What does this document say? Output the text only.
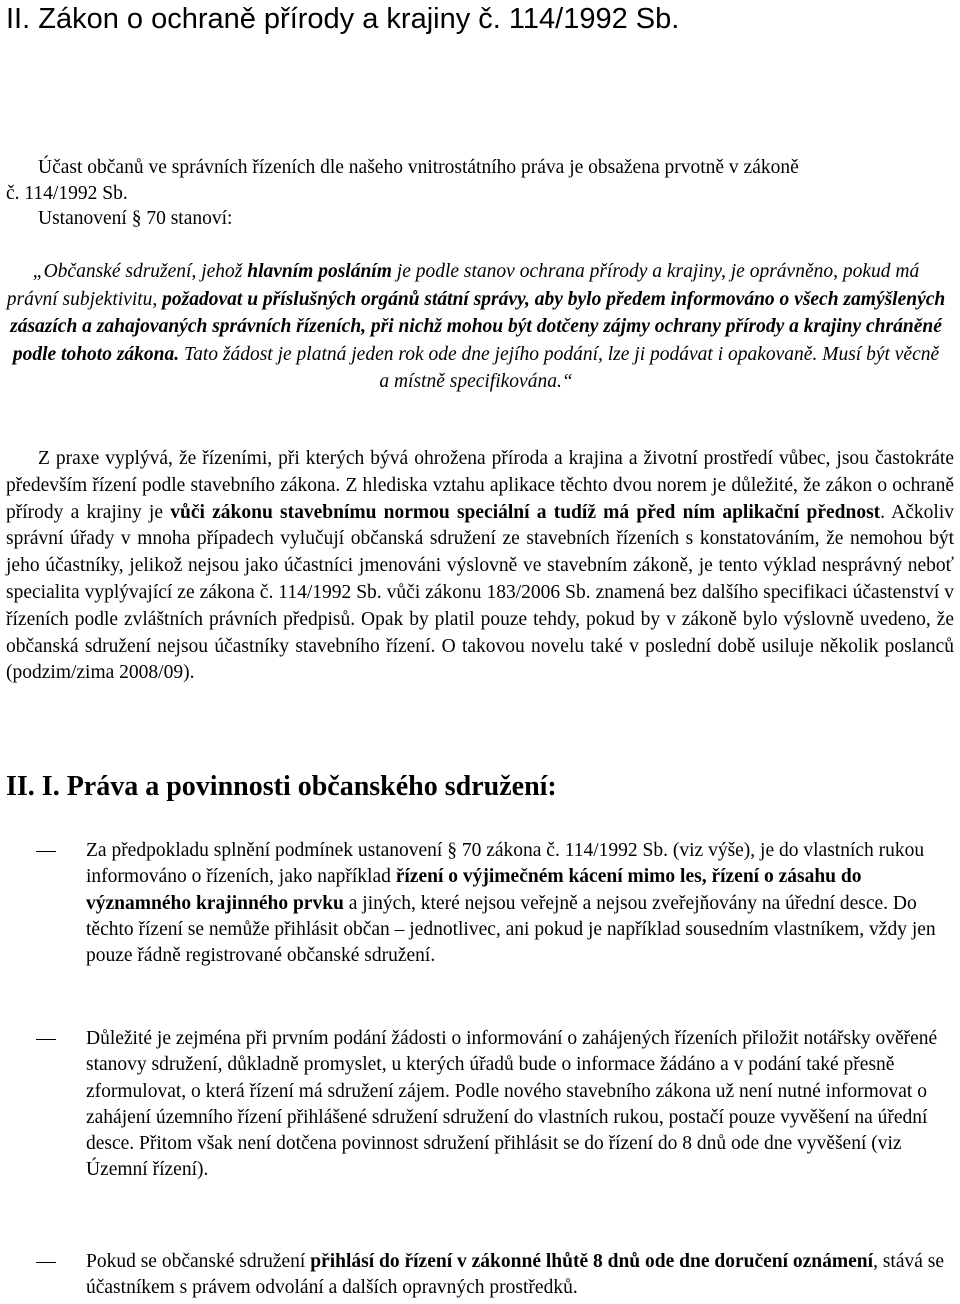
II. Zákon o ochraně přírody a krajiny č. 114/1992 Sb.
Účast občanů ve správních řízeních dle našeho vnitrostátního práva je obsažena prvotně v zákoně
č. 114/1992 Sb.
Ustanovení § 70 stanoví:
„Občanské sdružení, jehož hlavním posláním je podle stanov ochrana přírody a krajiny, je oprávněno, pokud má právní subjektivitu, požadovat u příslušných orgánů státní správy, aby bylo předem informováno o všech zamýšlených zásazích a zahajovaných správních řízeních, při nichž mohou být dotčeny zájmy ochrany přírody a krajiny chráněné podle tohoto zákona. Tato žádost je platná jeden rok ode dne jejího podání, lze ji podávat i opakovaně. Musí být věcně a místně specifikována.“
Z praxe vyplývá, že řízeními, při kterých bývá ohrožena příroda a krajina a životní prostředí vůbec, jsou častokráte především řízení podle stavebního zákona. Z hlediska vztahu aplikace těchto dvou norem je důležité, že zákon o ochraně přírody a krajiny je vůči zákonu stavebnímu normou speciální a tudíž má před ním aplikační přednost. Ačkoliv správní úřady v mnoha případech vylučují občanská sdružení ze stavebních řízeních s konstatováním, že nemohou být jeho účastníky, jelikož nejsou jako účastníci jmenováni výslovně ve stavebním zákoně, je tento výklad nesprávný neboť specialita vyplývající ze zákona č. 114/1992 Sb. vůči zákonu 183/2006 Sb. znamená bez dalšího specifikaci účastenství v řízeních podle zvláštních právních předpisů. Opak by platil pouze tehdy, pokud by v zákoně bylo výslovně uvedeno, že občanská sdružení nejsou účastníky stavebního řízení. O takovou novelu také v poslední době usiluje několik poslanců (podzim/zima 2008/09).
II. I. Práva a povinnosti občanského sdružení:
Za předpokladu splnění podmínek ustanovení § 70 zákona č. 114/1992 Sb. (viz výše), je do vlastních rukou informováno o řízeních, jako například řízení o výjimečném kácení mimo les, řízení o zásahu do významného krajinného prvku a jiných, které nejsou veřejně a nejsou zveřejňovány na úřední desce. Do těchto řízení se nemůže přihlásit občan – jednotlivec, ani pokud je například sousedním vlastníkem, vždy jen pouze řádně registrované občanské sdružení.
Důležité je zejména při prvním podání žádosti o informování o zahájených řízeních přiložit notářsky ověřené stanovy sdružení, důkladně promyslet, u kterých úřadů bude o informace žádáno a v podání také přesně zformulovat, o která řízení má sdružení zájem. Podle nového stavebního zákona už není nutné informovat o zahájení územního řízení přihlášené sdružení sdružení do vlastních rukou, postačí pouze vyvěšení na úřední desce. Přitom však není dotčena povinnost sdružení přihlásit se do řízení do 8 dnů ode dne vyvěšení (viz Územní řízení).
Pokud se občanské sdružení přihlásí do řízení v zákonné lhůtě 8 dnů ode dne doručení oznámení, stává se účastníkem s právem odvolání a dalších opravných prostředků.
